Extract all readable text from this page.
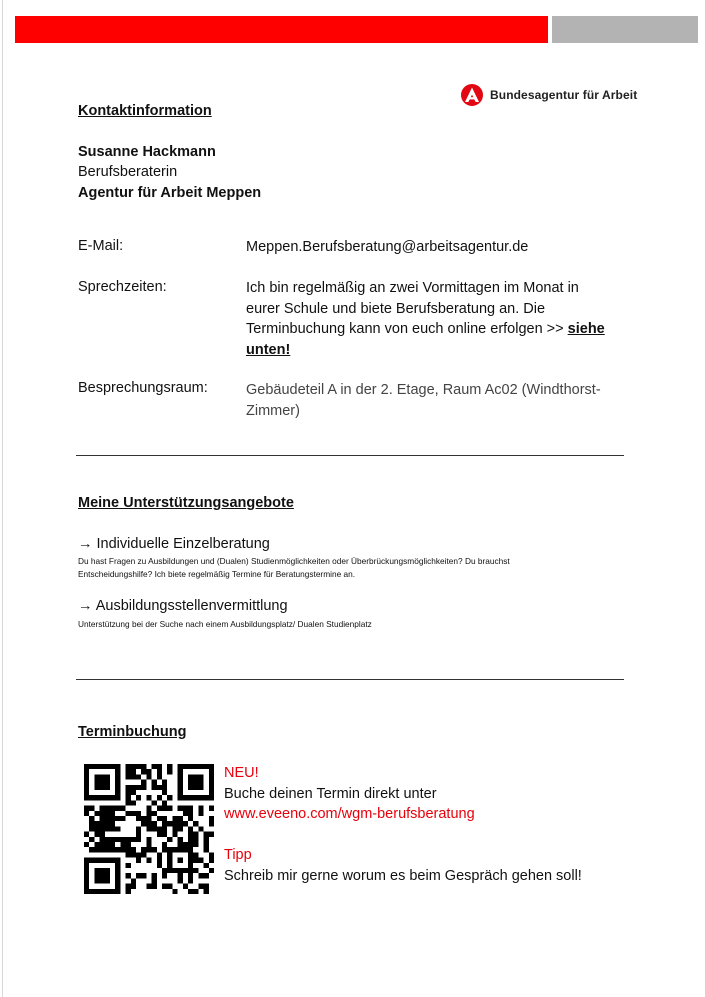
Bundesagentur für Arbeit
Kontaktinformation
Susanne Hackmann
Berufsberaterin
Agentur für Arbeit Meppen
E-Mail:	Meppen.Berufsberatung@arbeitsagentur.de
Sprechzeiten:	Ich bin regelmäßig an zwei Vormittagen im Monat in
eurer Schule und biete Berufsberatung an. Die
Terminbuchung kann von euch online erfolgen >> siehe
unten!
Besprechungsraum:	Gebäudeteil A in der 2. Etage, Raum Ac02 (Windthorst-
Zimmer)
Meine Unterstützungsangebote
→ Individuelle Einzelberatung
Du hast Fragen zu Ausbildungen und (Dualen) Studienmöglichkeiten oder Überbrückungsmöglichkeiten? Du brauchst
Entscheidungshilfe? Ich biete regelmäßig Termine für Beratungstermine an.
→ Ausbildungsstellenvermittlung
Unterstützung bei der Suche nach einem Ausbildungsplatz/ Dualen Studienplatz
Terminbuchung
NEU!
Buche deinen Termin direkt unter
www.eveeno.com/wgm-berufsberatung
Tipp
Schreib mir gerne worum es beim Gespräch gehen soll!
